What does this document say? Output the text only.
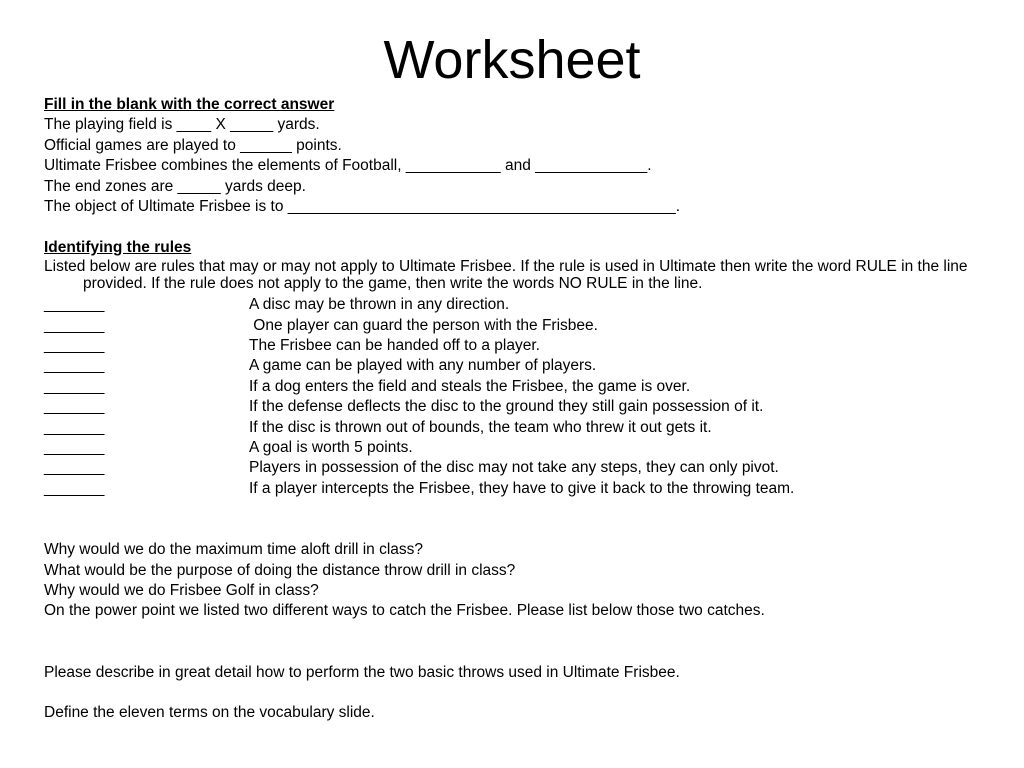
Worksheet
Fill in the blank with the correct answer
The playing field is ____ X _____ yards.
Official games are played to ______ points.
Ultimate Frisbee combines the elements of Football, ___________ and _____________.
The end zones are _____ yards deep.
The object of Ultimate Frisbee is to _____________________________________________.
Identifying the rules
Listed below are rules that may or may not apply to Ultimate Frisbee. If the rule is used in Ultimate then write the word RULE in the line provided. If the rule does not apply to the game, then write the words NO RULE in the line.
_______	A disc may be thrown in any direction.
_______	One player can guard the person with the Frisbee.
_______	The Frisbee can be handed off to a player.
_______	A game can be played with any number of players.
_______	If a dog enters the field and steals the Frisbee, the game is over.
_______	If the defense deflects the disc to the ground they still gain possession of it.
_______	If the disc is thrown out of bounds, the team who threw it out gets it.
_______	A goal is worth 5 points.
_______	Players in possession of the disc may not take any steps, they can only pivot.
_______	If a player intercepts the Frisbee, they have to give it back to the throwing team.
Why would we do the maximum time aloft drill in class?
What would be the purpose of doing the distance throw drill in class?
Why would we do Frisbee Golf in class?
On the power point we listed two different ways to catch the Frisbee. Please list below those two catches.
Please describe in great detail how to perform the two basic throws used in Ultimate Frisbee.
Define the eleven terms on the vocabulary slide.
